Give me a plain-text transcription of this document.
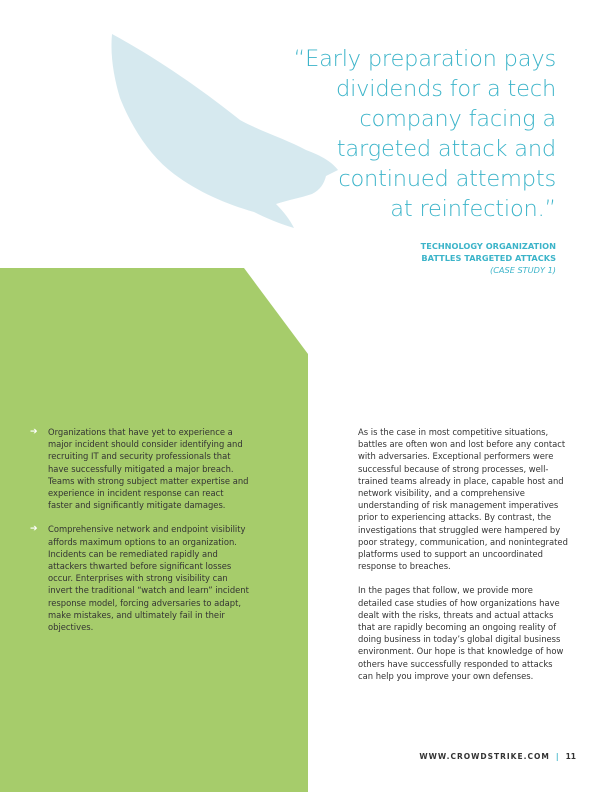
“Early preparation pays
dividends for a tech
company facing a
targeted attack and
continued attempts
at reinfection.”

TECHNOLOGY ORGANIZATION
BATTLES TARGETED ATTACKS
(CASE STUDY 1)
➔ Organizations that have yet to experience a major incident should consider identifying and recruiting IT and security professionals that have successfully mitigated a major breach. Teams with strong subject matter expertise and experience in incident response can react faster and significantly mitigate damages.
➔ Comprehensive network and endpoint visibility affords maximum options to an organization. Incidents can be remediated rapidly and attackers thwarted before significant losses occur. Enterprises with strong visibility can invert the traditional “watch and learn” incident response model, forcing adversaries to adapt, make mistakes, and ultimately fail in their objectives.

As is the case in most competitive situations, battles are often won and lost before any contact with adversaries. Exceptional performers were successful because of strong processes, well-trained teams already in place, capable host and network visibility, and a comprehensive understanding of risk management imperatives prior to experiencing attacks. By contrast, the investigations that struggled were hampered by poor strategy, communication, and nonintegrated platforms used to support an uncoordinated response to breaches.

In the pages that follow, we provide more detailed case studies of how organizations have dealt with the risks, threats and actual attacks that are rapidly becoming an ongoing reality of doing business in today’s global digital business environment. Our hope is that knowledge of how others have successfully responded to attacks can help you improve your own defenses.

WWW.CROWDSTRIKE.COM | 11
